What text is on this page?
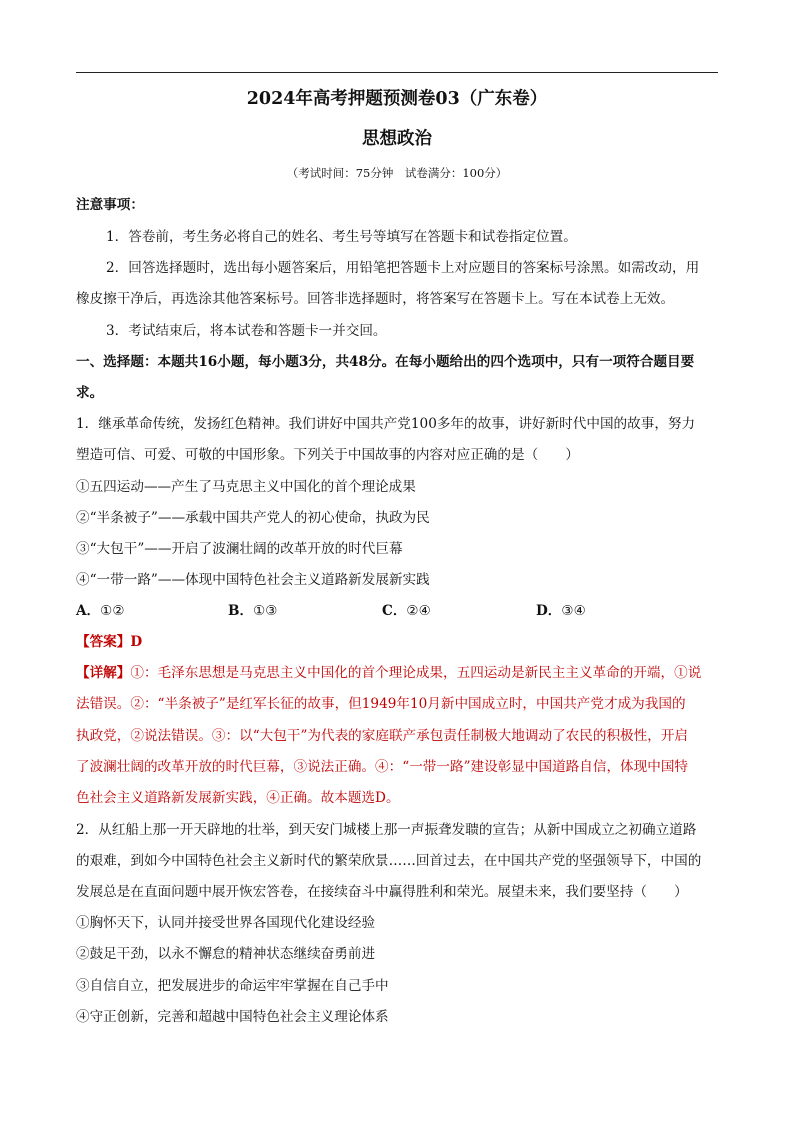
2024年高考押题预测卷03（广东卷）
思想政治
（考试时间：75分钟　试卷满分：100分）
注意事项：
1．答卷前，考生务必将自己的姓名、考生号等填写在答题卡和试卷指定位置。
2．回答选择题时，选出每小题答案后，用铅笔把答题卡上对应题目的答案标号涂黑。如需改动，用
橡皮擦干净后，再选涂其他答案标号。回答非选择题时，将答案写在答题卡上。写在本试卷上无效。
3．考试结束后，将本试卷和答题卡一并交回。
一、选择题：本题共16小题，每小题3分，共48分。在每小题给出的四个选项中，只有一项符合题目要
求。
1．继承革命传统，发扬红色精神。我们讲好中国共产党100多年的故事，讲好新时代中国的故事，努力
塑造可信、可爱、可敬的中国形象。下列关于中国故事的内容对应正确的是（　　）
①五四运动——产生了马克思主义中国化的首个理论成果
②“半条被子”——承载中国共产党人的初心使命，执政为民
③“大包干”——开启了波澜壮阔的改革开放的时代巨幕
④“一带一路”——体现中国特色社会主义道路新发展新实践
A．①②	B．①③	C．②④	D．③④
【答案】D
【详解】①：毛泽东思想是马克思主义中国化的首个理论成果，五四运动是新民主主义革命的开端，①说
法错误。②：“半条被子”是红军长征的故事，但1949年10月新中国成立时，中国共产党才成为我国的
执政党，②说法错误。③：以“大包干”为代表的家庭联产承包责任制极大地调动了农民的积极性，开启
了波澜壮阔的改革开放的时代巨幕，③说法正确。④：“一带一路”建设彰显中国道路自信，体现中国特
色社会主义道路新发展新实践，④正确。故本题选D。
2．从红船上那一开天辟地的壮举，到天安门城楼上那一声振聋发聩的宣告；从新中国成立之初确立道路
的艰难，到如今中国特色社会主义新时代的繁荣欣景……回首过去，在中国共产党的坚强领导下，中国的
发展总是在直面问题中展开恢宏答卷，在接续奋斗中赢得胜利和荣光。展望未来，我们要坚持（　　）
①胸怀天下，认同并接受世界各国现代化建设经验
②鼓足干劲，以永不懈怠的精神状态继续奋勇前进
③自信自立，把发展进步的命运牢牢掌握在自己手中
④守正创新，完善和超越中国特色社会主义理论体系
